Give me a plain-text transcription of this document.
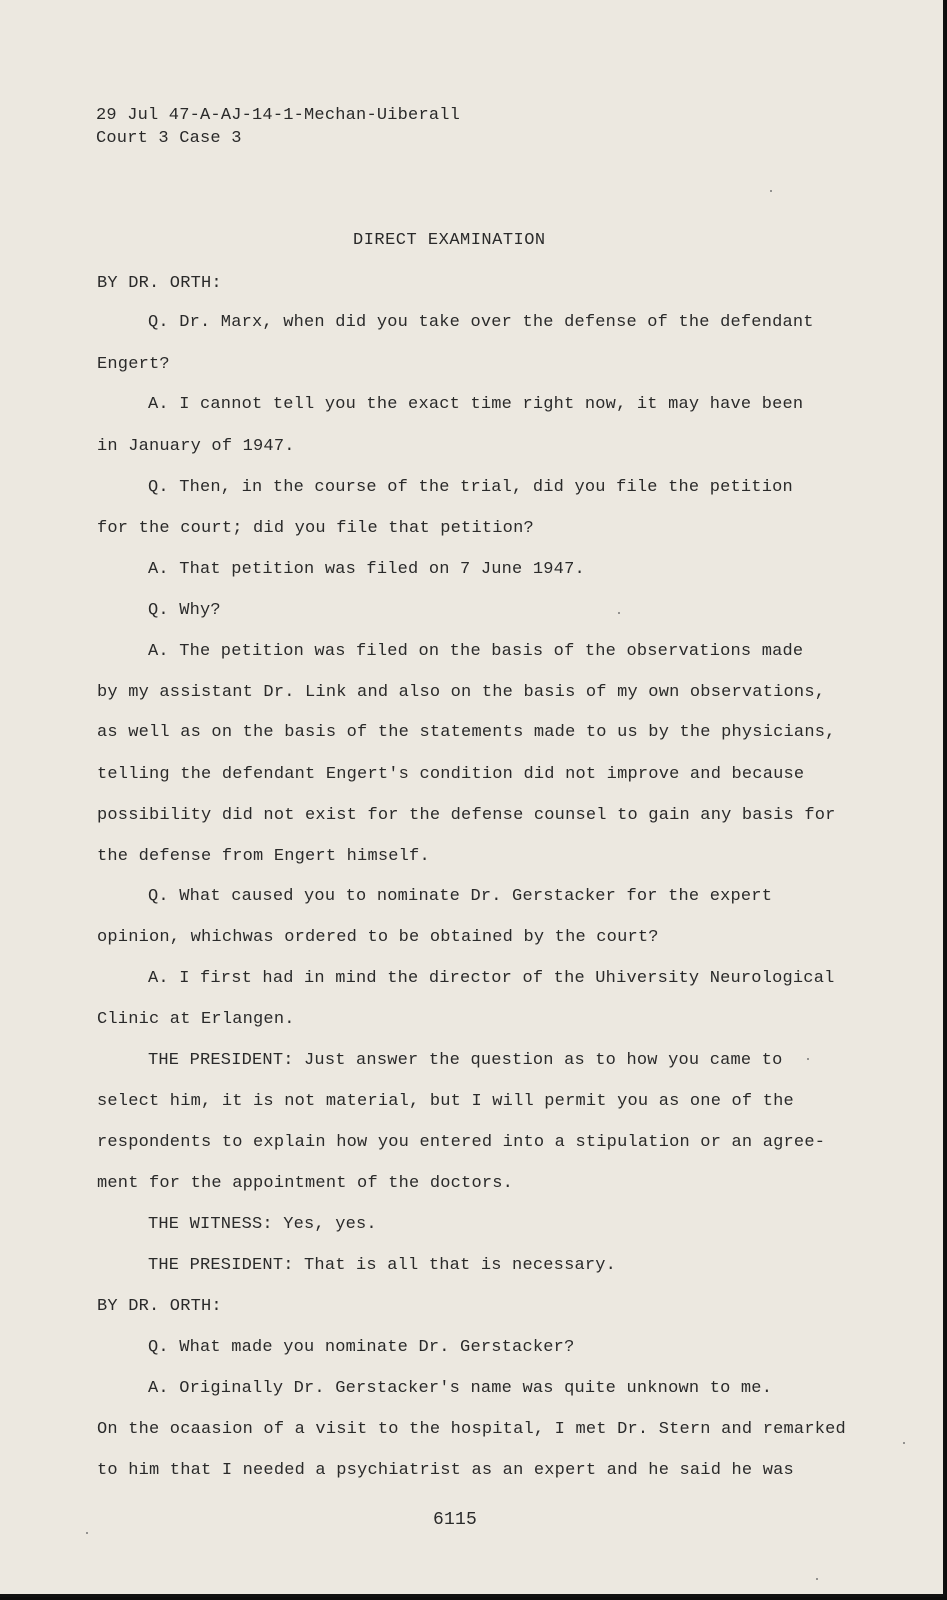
29 Jul 47-A-AJ-14-1-Mechan-Uiberall
Court 3 Case 3
DIRECT EXAMINATION
BY DR. ORTH:
Q. Dr. Marx, when did you take over the defense of the defendant
Engert?
A. I cannot tell you the exact time right now, it may have been
in January of 1947.
Q. Then, in the course of the trial, did you file the petition
for the court; did you file that petition?
A. That petition was filed on 7 June 1947.
Q. Why?
A. The petition was filed on the basis of the observations made
by my assistant Dr. Link and also on the basis of my own observations,
as well as on the basis of the statements made to us by the physicians,
telling the defendant Engert's condition did not improve and because
possibility did not exist for the defense counsel to gain any basis for
the defense from Engert himself.
Q. What caused you to nominate Dr. Gerstacker for the expert
opinion, whichwas ordered to be obtained by the court?
A. I first had in mind the director of the Uhiversity Neurological
Clinic at Erlangen.
THE PRESIDENT: Just answer the question as to how you came to
select him, it is not material, but I will permit you as one of the
respondents to explain how you entered into a stipulation or an agree-
ment for the appointment of the doctors.
THE WITNESS: Yes, yes.
THE PRESIDENT: That is all that is necessary.
BY DR. ORTH:
Q. What made you nominate Dr. Gerstacker?
A. Originally Dr. Gerstacker's name was quite unknown to me.
On the ocaasion of a visit to the hospital, I met Dr. Stern and remarked
to him that I needed a psychiatrist as an expert and he said he was
6115
